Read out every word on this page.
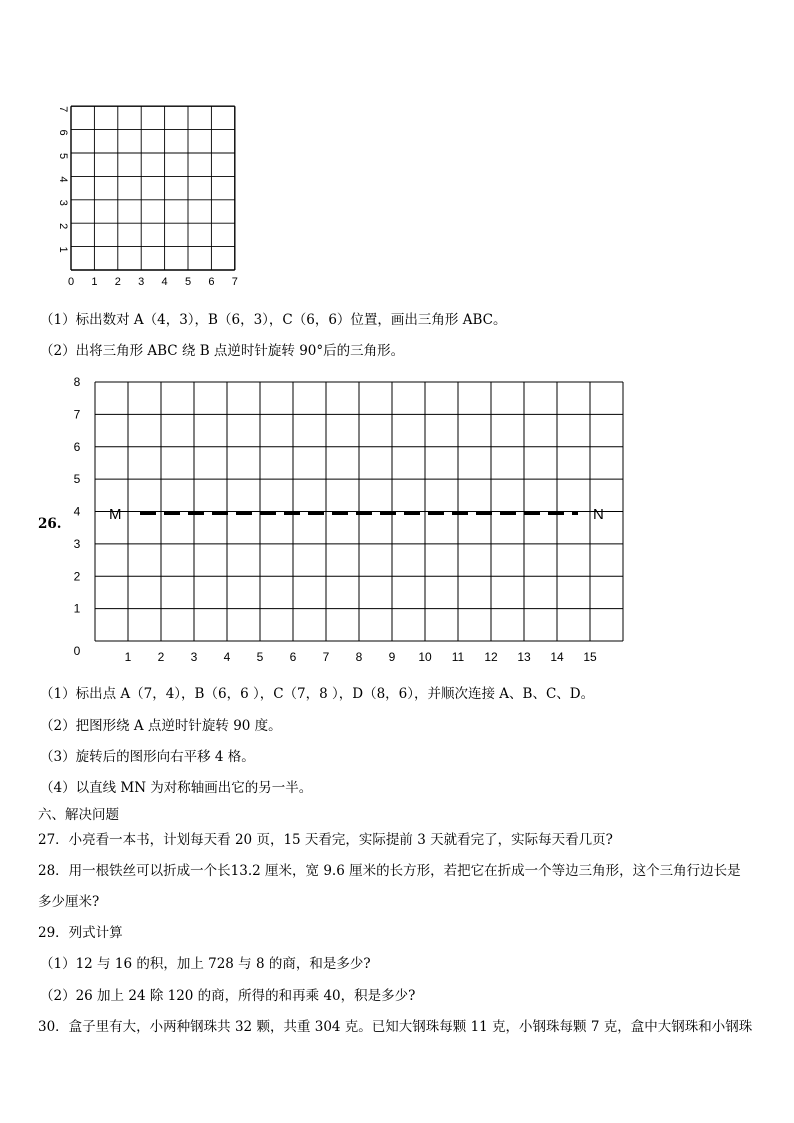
0 1 2 3 4 5 6 7
1
2
3
4
5
6
7
（1）标出数对 A（4，3），B（6，3），C（6，6）位置，画出三角形 ABC。
（2）出将三角形 ABC 绕 B 点逆时针旋转 90°后的三角形。
26.
M	N
1 2 3 4 5 6 7 8 9 10 11 12 13 14 15
0
1
2
3
4
5
6
7
8
（1）标出点 A（7，4），B（6，6 ），C（7，8 ），D（8，6），并顺次连接 A、B、C、D。
（2）把图形绕 A 点逆时针旋转 90 度。
（3）旋转后的图形向右平移 4 格。
（4）以直线 MN 为对称轴画出它的另一半。
六、解决问题
27．小亮看一本书，计划每天看 20 页，15 天看完，实际提前 3 天就看完了，实际每天看几页?
28．用一根铁丝可以折成一个长13.2 厘米，宽 9.6 厘米的长方形，若把它在折成一个等边三角形，这个三角行边长是
多少厘米?
29．列式计算
（1）12 与 16 的积，加上 728 与 8 的商，和是多少?
（2）26 加上 24 除 120 的商，所得的和再乘 40，积是多少?
30．盒子里有大，小两种钢珠共 32 颗，共重 304 克。已知大钢珠每颗 11 克，小钢珠每颗 7 克，盒中大钢珠和小钢珠
